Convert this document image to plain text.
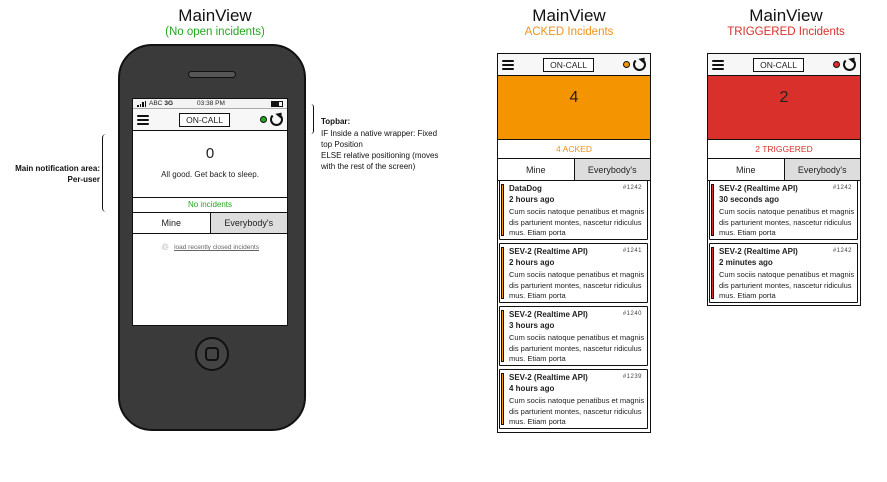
MainView
(No open incidents)
ABC 3G	03:38 PM
ON-CALL
0
All good. Get back to sleep.
No incidents
Mine	Everybody's
♲ load recently closed incidents
Topbar:
IF Inside a native wrapper: Fixed
top Position
ELSE relative positioning (moves
with the rest of the screen)
Main notification area:
Per-user
MainView
ACKED Incidents
ON-CALL
4
4 ACKED
Mine	Everybody's
DataDog	#1242
2 hours ago
Cum sociis natoque penatibus et magnis dis parturient montes, nascetur ridiculus mus. Etiam porta
SEV-2 (Realtime API)	#1241
2 hours ago
Cum sociis natoque penatibus et magnis dis parturient montes, nascetur ridiculus mus. Etiam porta
SEV-2 (Realtime API)	#1240
3 hours ago
Cum sociis natoque penatibus et magnis dis parturient montes, nascetur ridiculus mus. Etiam porta
SEV-2 (Realtime API)	#1239
4 hours ago
Cum sociis natoque penatibus et magnis dis parturient montes, nascetur ridiculus mus. Etiam porta
MainView
TRIGGERED Incidents
ON-CALL
2
2 TRIGGERED
Mine	Everybody's
SEV-2 (Realtime API)	#1242
30 seconds ago
Cum sociis natoque penatibus et magnis dis parturient montes, nascetur ridiculus mus. Etiam porta
SEV-2 (Realtime API)	#1242
2 minutes ago
Cum sociis natoque penatibus et magnis dis parturient montes, nascetur ridiculus mus. Etiam porta
